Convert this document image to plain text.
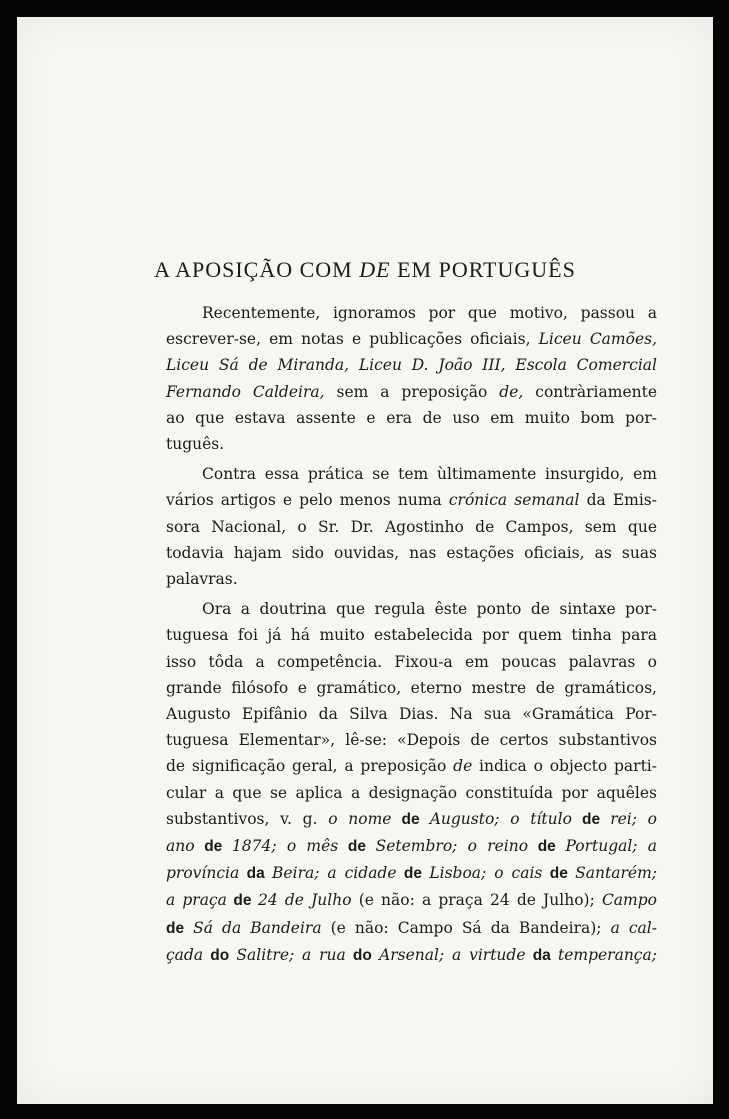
A APOSIÇÃO COM DE EM PORTUGUÊS

Recentemente, ignoramos por que motivo, passou a
escrever-se, em notas e publicações oficiais, Liceu Camões,
Liceu Sá de Miranda, Liceu D. João III, Escola Comercial
Fernando Caldeira, sem a preposição de, contràriamente
ao que estava assente e era de uso em muito bom por-
tuguês.

Contra essa prática se tem ùltimamente insurgido, em
vários artigos e pelo menos numa crónica semanal da Emis-
sora Nacional, o Sr. Dr. Agostinho de Campos, sem que
todavia hajam sido ouvidas, nas estações oficiais, as suas
palavras.

Ora a doutrina que regula êste ponto de sintaxe por-
tuguesa foi já há muito estabelecida por quem tinha para
isso tôda a competência. Fixou-a em poucas palavras o
grande filósofo e gramático, eterno mestre de gramáticos,
Augusto Epifânio da Silva Dias. Na sua «Gramática Por-
tuguesa Elementar», lê-se: «Depois de certos substantivos
de significação geral, a preposição de indica o objecto parti-
cular a que se aplica a designação constituída por aquêles
substantivos, v. g. o nome de Augusto; o título de rei; o
ano de 1874; o mês de Setembro; o reino de Portugal; a
província da Beira; a cidade de Lisboa; o cais de Santarém;
a praça de 24 de Julho (e não: a praça 24 de Julho); Campo
de Sá da Bandeira (e não: Campo Sá da Bandeira); a cal-
çada do Salitre; a rua do Arsenal; a virtude da temperança;
